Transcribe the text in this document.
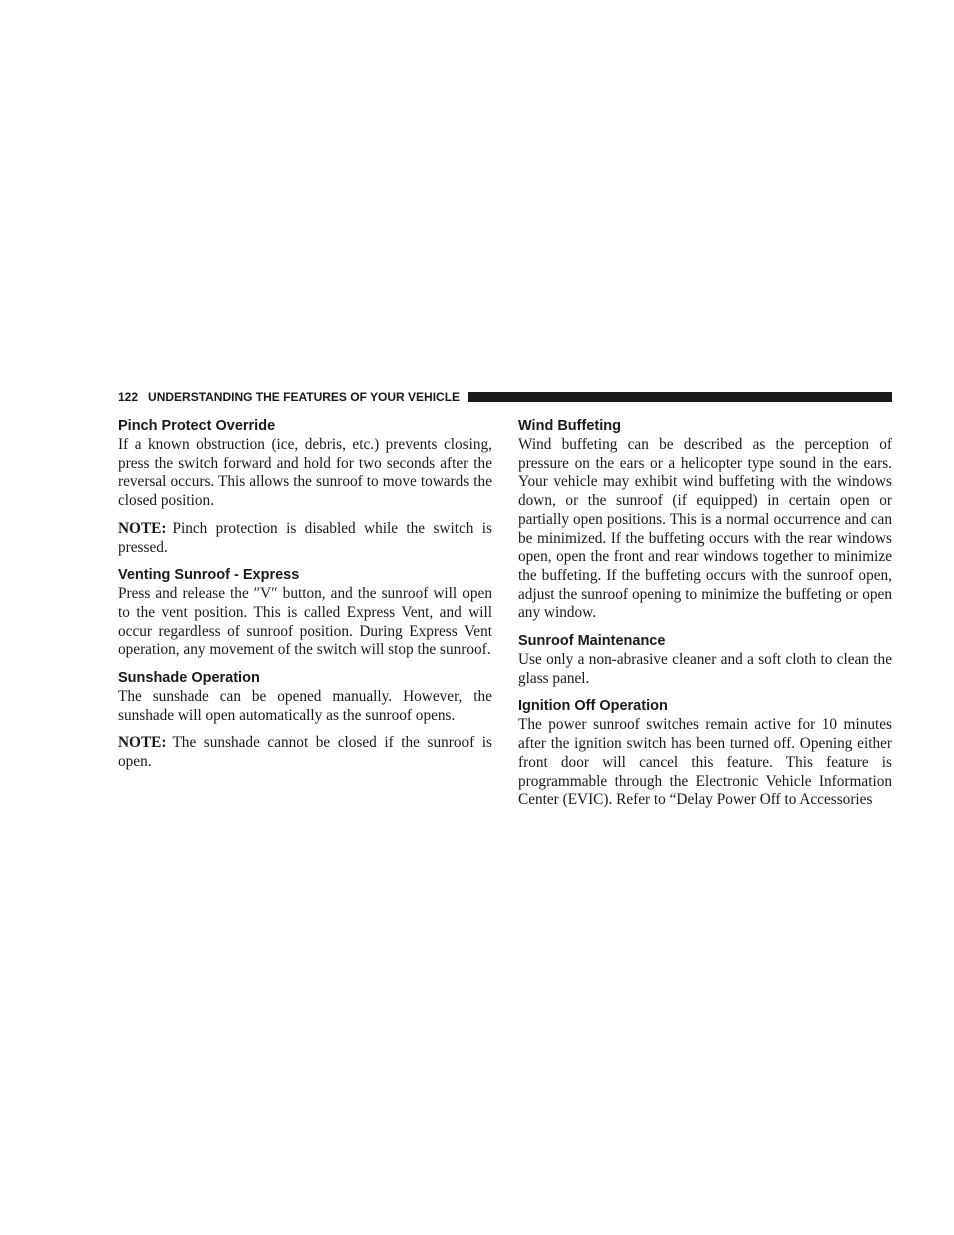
122 UNDERSTANDING THE FEATURES OF YOUR VEHICLE
Pinch Protect Override

If a known obstruction (ice, debris, etc.) prevents closing, press the switch forward and hold for two seconds after the reversal occurs. This allows the sunroof to move towards the closed position.

NOTE: Pinch protection is disabled while the switch is pressed.

Venting Sunroof - Express

Press and release the ″V″ button, and the sunroof will open to the vent position. This is called Express Vent, and will occur regardless of sunroof position. During Express Vent operation, any movement of the switch will stop the sunroof.

Sunshade Operation

The sunshade can be opened manually. However, the sunshade will open automatically as the sunroof opens.

NOTE: The sunshade cannot be closed if the sunroof is open.

Wind Buffeting

Wind buffeting can be described as the perception of pressure on the ears or a helicopter type sound in the ears. Your vehicle may exhibit wind buffeting with the windows down, or the sunroof (if equipped) in certain open or partially open positions. This is a normal occurrence and can be minimized. If the buffeting occurs with the rear windows open, open the front and rear windows together to minimize the buffeting. If the buffeting occurs with the sunroof open, adjust the sunroof opening to minimize the buffeting or open any window.

Sunroof Maintenance

Use only a non-abrasive cleaner and a soft cloth to clean the glass panel.

Ignition Off Operation

The power sunroof switches remain active for 10 minutes after the ignition switch has been turned off. Opening either front door will cancel this feature. This feature is programmable through the Electronic Vehicle Information Center (EVIC). Refer to “Delay Power Off to Accessories
